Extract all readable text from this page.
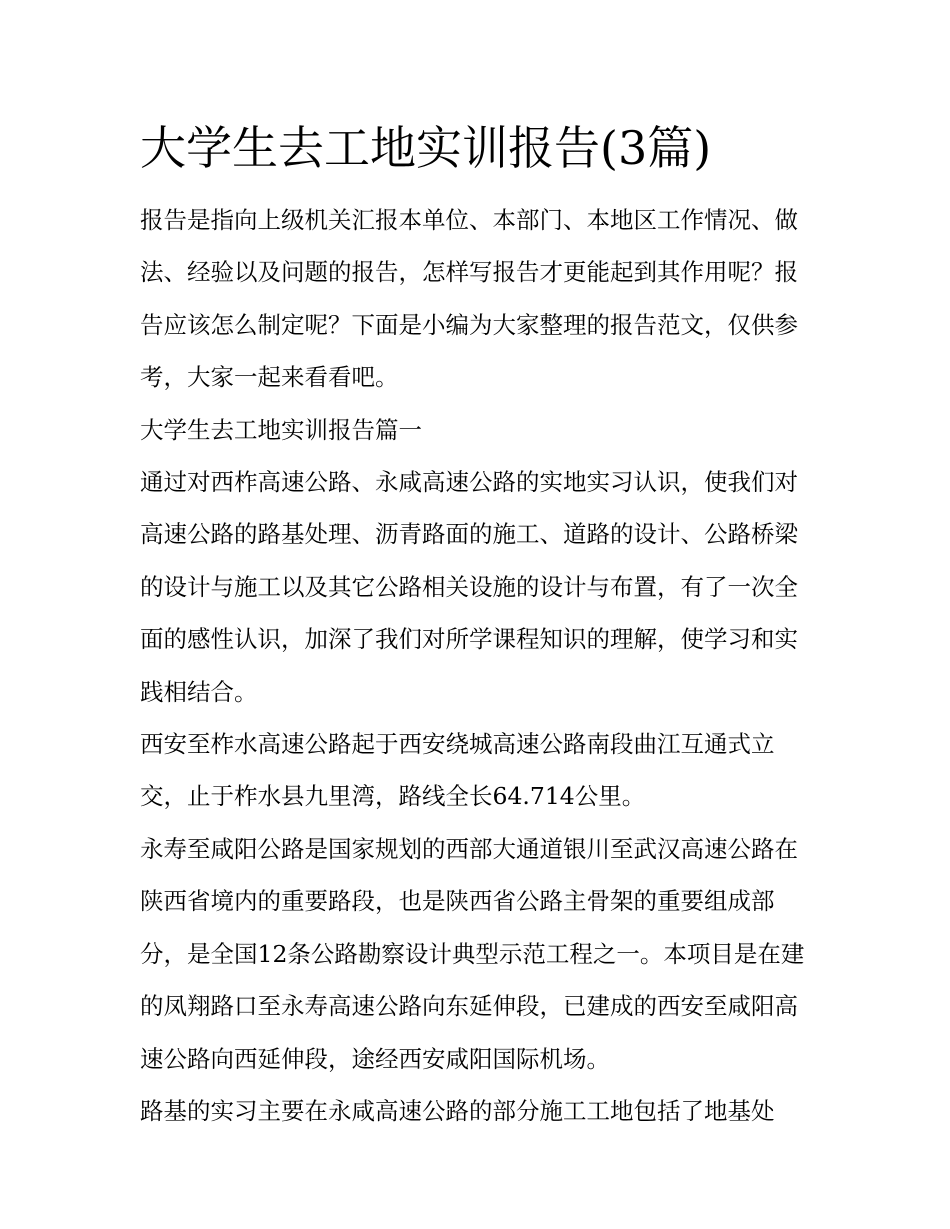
大学生去工地实训报告(3篇)

报告是指向上级机关汇报本单位、本部门、本地区工作情况、做法、经验以及问题的报告，怎样写报告才更能起到其作用呢？报告应该怎么制定呢？下面是小编为大家整理的报告范文，仅供参考，大家一起来看看吧。

大学生去工地实训报告篇一

通过对西柞高速公路、永咸高速公路的实地实习认识，使我们对高速公路的路基处理、沥青路面的施工、道路的设计、公路桥梁的设计与施工以及其它公路相关设施的设计与布置，有了一次全面的感性认识，加深了我们对所学课程知识的理解，使学习和实践相结合。

西安至柞水高速公路起于西安绕城高速公路南段曲江互通式立交，止于柞水县九里湾，路线全长64.714公里。

永寿至咸阳公路是国家规划的西部大通道银川至武汉高速公路在陕西省境内的重要路段，也是陕西省公路主骨架的重要组成部分，是全国12条公路勘察设计典型示范工程之一。本项目是在建的凤翔路口至永寿高速公路向东延伸段，已建成的西安至咸阳高速公路向西延伸段，途经西安咸阳国际机场。

路基的实习主要在永咸高速公路的部分施工工地包括了地基处
